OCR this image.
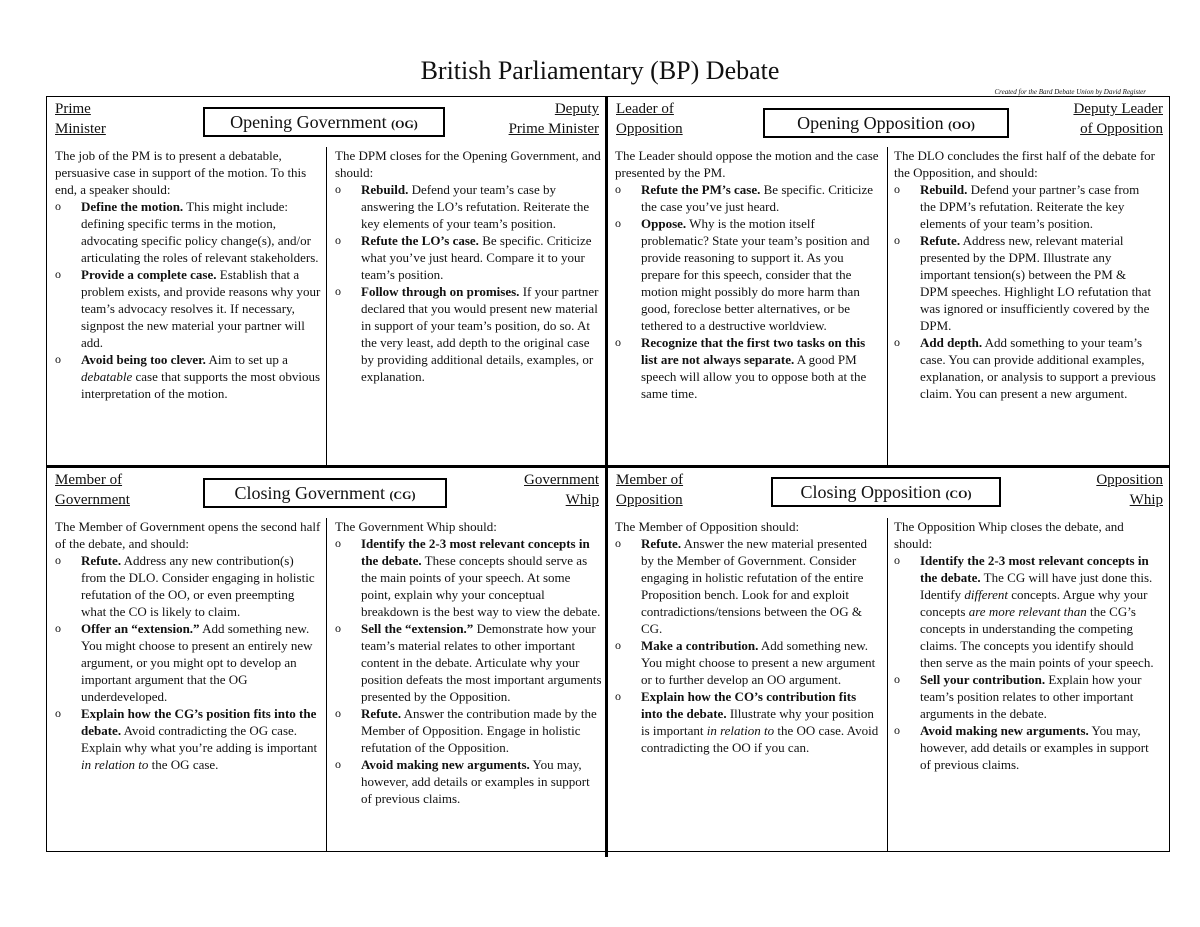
British Parliamentary (BP) Debate
Created for the Bard Debate Union by David Register
Prime
Minister	Opening Government (OG)
Deputy
Prime Minister

The job of the PM is to present a debatable, persuasive case in support of the motion. To this end, a speaker should:

o Define the motion. This might include: defining specific terms in the motion, advocating specific policy change(s), and/or articulating the roles of relevant stakeholders.
o Provide a complete case. Establish that a problem exists, and provide reasons why your team’s advocacy resolves it. If necessary, signpost the new material your partner will add.
o Avoid being too clever. Aim to set up a debatable case that supports the most obvious interpretation of the motion.

The DPM closes for the Opening Government, and should:

o Rebuild. Defend your team’s case by answering the LO’s refutation. Reiterate the key elements of your team’s position.
o Refute the LO’s case. Be specific. Criticize what you’ve just heard. Compare it to your team’s position.
o Follow through on promises. If your partner declared that you would present new material in support of your team’s position, do so. At the very least, add depth to the original case by providing additional details, examples, or explanation.
Leader of
Opposition	Opening Opposition (OO)
Deputy Leader
of Opposition

The Leader should oppose the motion and the case presented by the PM.

o Refute the PM’s case. Be specific. Criticize the case you’ve just heard.
o Oppose. Why is the motion itself problematic? State your team’s position and provide reasoning to support it. As you prepare for this speech, consider that the motion might possibly do more harm than good, foreclose better alternatives, or be tethered to a destructive worldview.
o Recognize that the first two tasks on this list are not always separate. A good PM speech will allow you to oppose both at the same time.

The DLO concludes the first half of the debate for the Opposition, and should:

o Rebuild. Defend your partner’s case from the DPM’s refutation. Reiterate the key elements of your team’s position.
o Refute. Address new, relevant material presented by the DPM. Illustrate any important tension(s) between the PM & DPM speeches. Highlight LO refutation that was ignored or insufficiently covered by the DPM.
o Add depth. Add something to your team’s case. You can provide additional examples, explanation, or analysis to support a previous claim. You can present a new argument.
Member of
Government	Closing Government (CG)
Government
Whip

The Member of Government opens the second half of the debate, and should:

o Refute. Address any new contribution(s) from the DLO. Consider engaging in holistic refutation of the OO, or even preempting what the CO is likely to claim.
o Offer an “extension.” Add something new. You might choose to present an entirely new argument, or you might opt to develop an important argument that the OG underdeveloped.
o Explain how the CG’s position fits into the debate. Avoid contradicting the OG case. Explain why what you’re adding is important in relation to the OG case.

The Government Whip should:

o Identify the 2-3 most relevant concepts in the debate. These concepts should serve as the main points of your speech. At some point, explain why your conceptual breakdown is the best way to view the debate.
o Sell the “extension.” Demonstrate how your team’s material relates to other important content in the debate. Articulate why your position defeats the most important arguments presented by the Opposition.
o Refute. Answer the contribution made by the Member of Opposition. Engage in holistic refutation of the Opposition.
o Avoid making new arguments. You may, however, add details or examples in support of previous claims.
Member of
Opposition	Closing Opposition (CO)
Opposition
Whip

The Member of Opposition should:

o Refute. Answer the new material presented by the Member of Government. Consider engaging in holistic refutation of the entire Proposition bench. Look for and exploit contradictions/tensions between the OG & CG.
o Make a contribution. Add something new. You might choose to present a new argument or to further develop an OO argument.
o Explain how the CO’s contribution fits into the debate. Illustrate why your position is important in relation to the OO case. Avoid contradicting the OO if you can.

The Opposition Whip closes the debate, and should:

o Identify the 2-3 most relevant concepts in the debate. The CG will have just done this. Identify different concepts. Argue why your concepts are more relevant than the CG’s concepts in understanding the competing claims. The concepts you identify should then serve as the main points of your speech.
o Sell your contribution. Explain how your team’s position relates to other important arguments in the debate.
o Avoid making new arguments. You may, however, add details or examples in support of previous claims.
